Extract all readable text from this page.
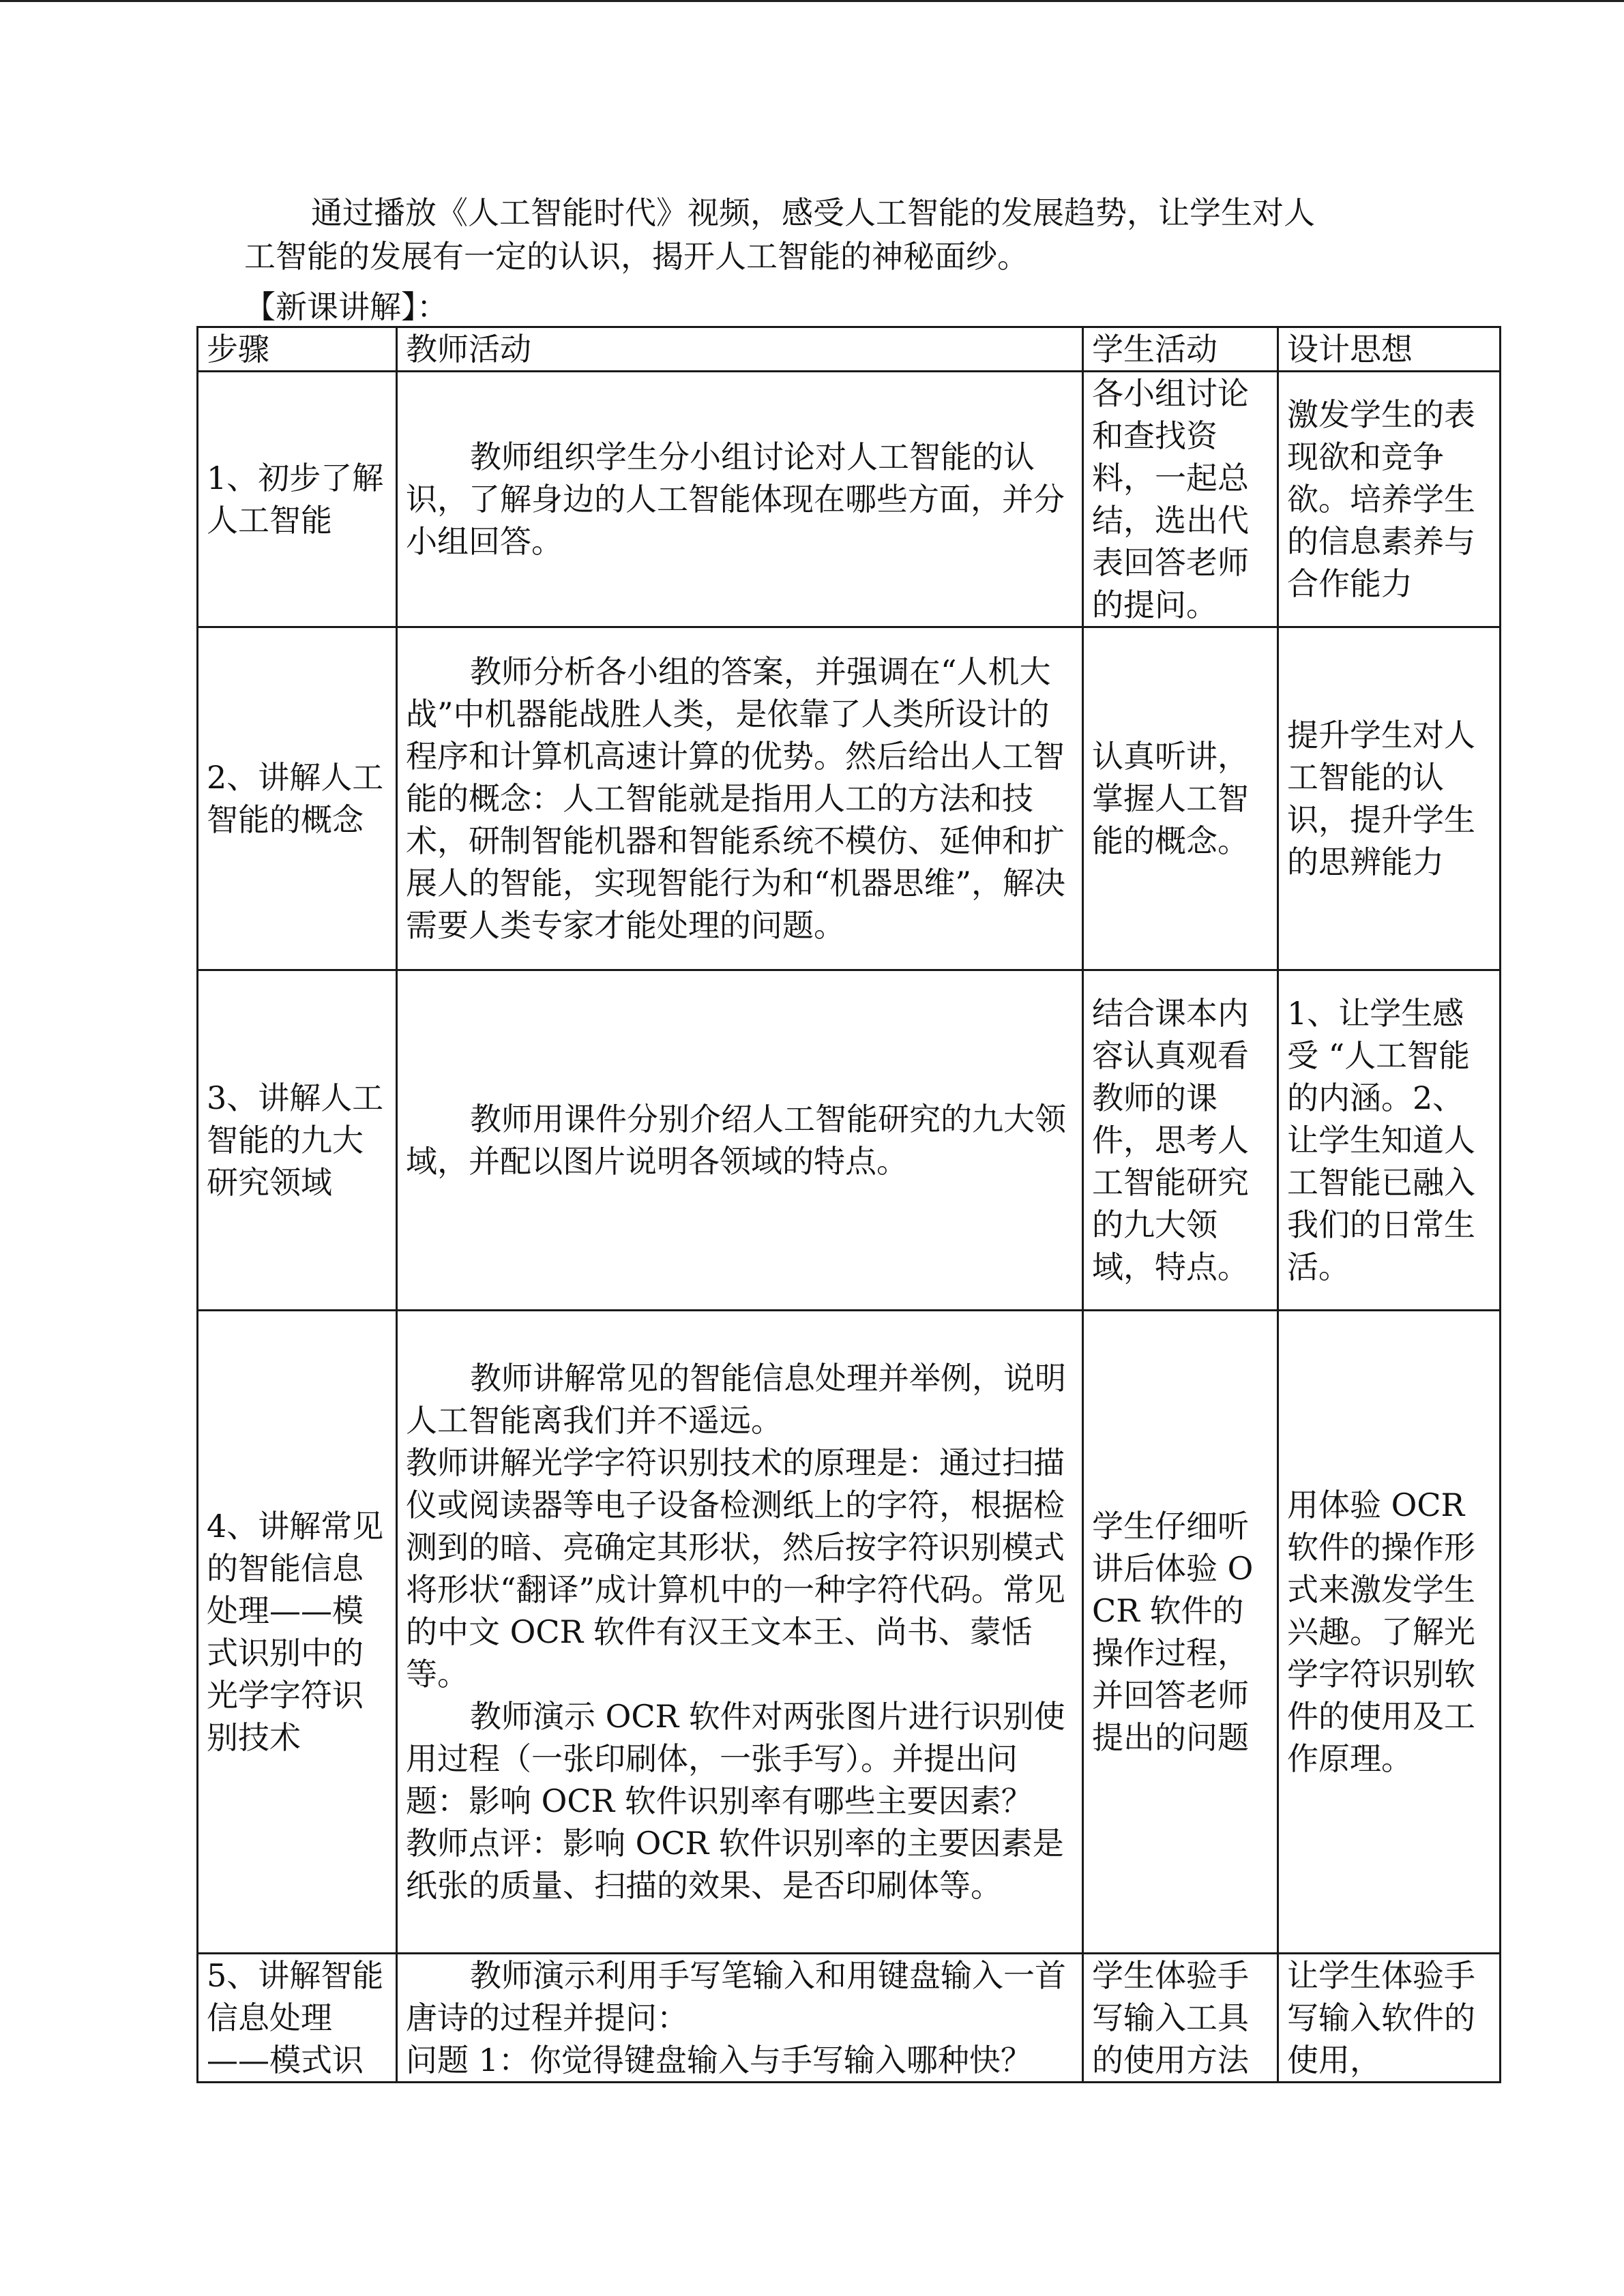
通过播放《人工智能时代》视频，感受人工智能的发展趋势，让学生对人

工智能的发展有一定的认识，揭开人工智能的神秘面纱。

【新课讲解】：
步骤	教师活动	学生活动	设计思想
1、初步了解人工智能	教师组织学生分小组讨论对人工智能的认识，了解身边的人工智能体现在哪些方面，并分小组回答。	各小组讨论和查找资料，一起总结，选出代表回答老师的提问。	激发学生的表现欲和竞争欲。培养学生的信息素养与合作能力
2、讲解人工智能的概念	教师分析各小组的答案，并强调在“人机大战”中机器能战胜人类，是依靠了人类所设计的程序和计算机高速计算的优势。然后给出人工智能的概念：人工智能就是指用人工的方法和技术，研制智能机器和智能系统不模仿、延伸和扩展人的智能，实现智能行为和“机器思维”，解决需要人类专家才能处理的问题。	认真听讲，掌握人工智能的概念。	提升学生对人工智能的认识，提升学生的思辨能力
3、讲解人工智能的九大研究领域	教师用课件分别介绍人工智能研究的九大领域，并配以图片说明各领域的特点。	结合课本内容认真观看教师的课件，思考人工智能研究的九大领域，特点。	1、让学生感受 “人工智能的内涵。2、让学生知道人工智能已融入我们的日常生活。
4、讲解常见的智能信息处理——模式识别中的光学字符识别技术	教师讲解常见的智能信息处理并举例，说明人工智能离我们并不遥远。

教师讲解光学字符识别技术的原理是：通过扫描仪或阅读器等电子设备检测纸上的字符，根据检测到的暗、亮确定其形状，然后按字符识别模式将形状“翻译”成计算机中的一种字符代码。常见的中文 OCR 软件有汉王文本王、尚书、蒙恬等。

教师演示 OCR 软件对两张图片进行识别使用过程（一张印刷体，一张手写）。并提出问题：影响 OCR 软件识别率有哪些主要因素？

教师点评：影响 OCR 软件识别率的主要因素是纸张的质量、扫描的效果、是否印刷体等。	学生仔细听讲后体验 OCR 软件的操作过程，并回答老师提出的问题	用体验 OCR 软件的操作形式来激发学生兴趣。了解光学字符识别软件的使用及工作原理。
5、讲解智能信息处理——模式识	教师演示利用手写笔输入和用键盘输入一首唐诗的过程并提问：

问题 1：你觉得键盘输入与手写输入哪种快？	学生体验手写输入工具的使用方法	让学生体验手写输入软件的使用，
